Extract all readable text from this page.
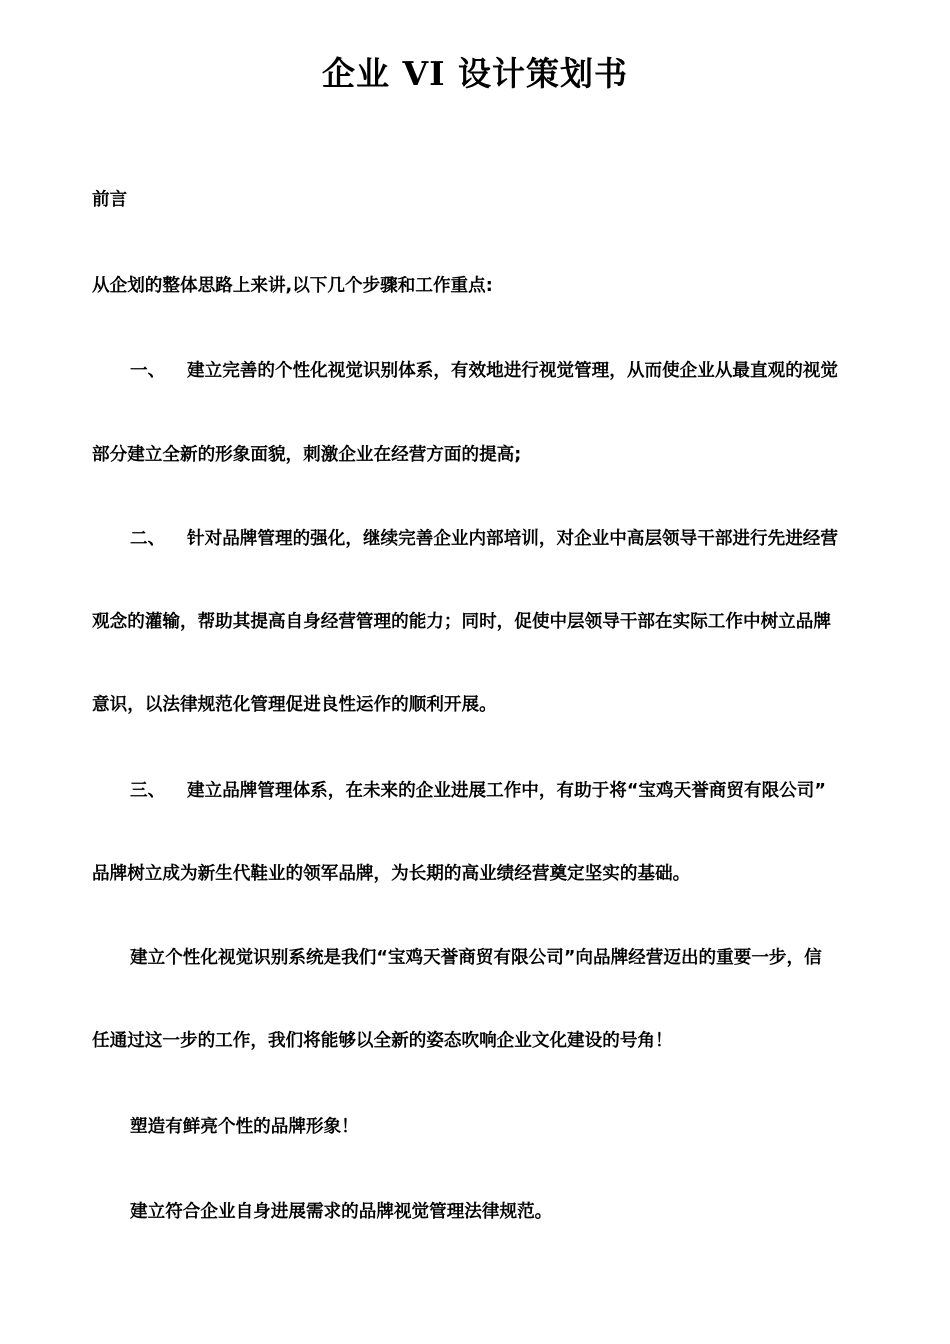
企业 VI 设计策划书

前言

从企划的整体思路上来讲,以下几个步骤和工作重点:

一、 建立完善的个性化视觉识别体系，有效地进行视觉管理，从而使企业从最直观的视觉

部分建立全新的形象面貌，刺激企业在经营方面的提高;

二、 针对品牌管理的强化，继续完善企业内部培训，对企业中高层领导干部进行先进经营

观念的灌输，帮助其提高自身经营管理的能力；同时，促使中层领导干部在实际工作中树立品牌

意识，以法律规范化管理促进良性运作的顺利开展。

三、 建立品牌管理体系，在未来的企业进展工作中，有助于将“宝鸡天誉商贸有限公司”

品牌树立成为新生代鞋业的领军品牌，为长期的高业绩经营奠定坚实的基础。

建立个性化视觉识别系统是我们“宝鸡天誉商贸有限公司”向品牌经营迈出的重要一步，信

任通过这一步的工作，我们将能够以全新的姿态吹响企业文化建设的号角！

塑造有鲜亮个性的品牌形象！

建立符合企业自身进展需求的品牌视觉管理法律规范。
